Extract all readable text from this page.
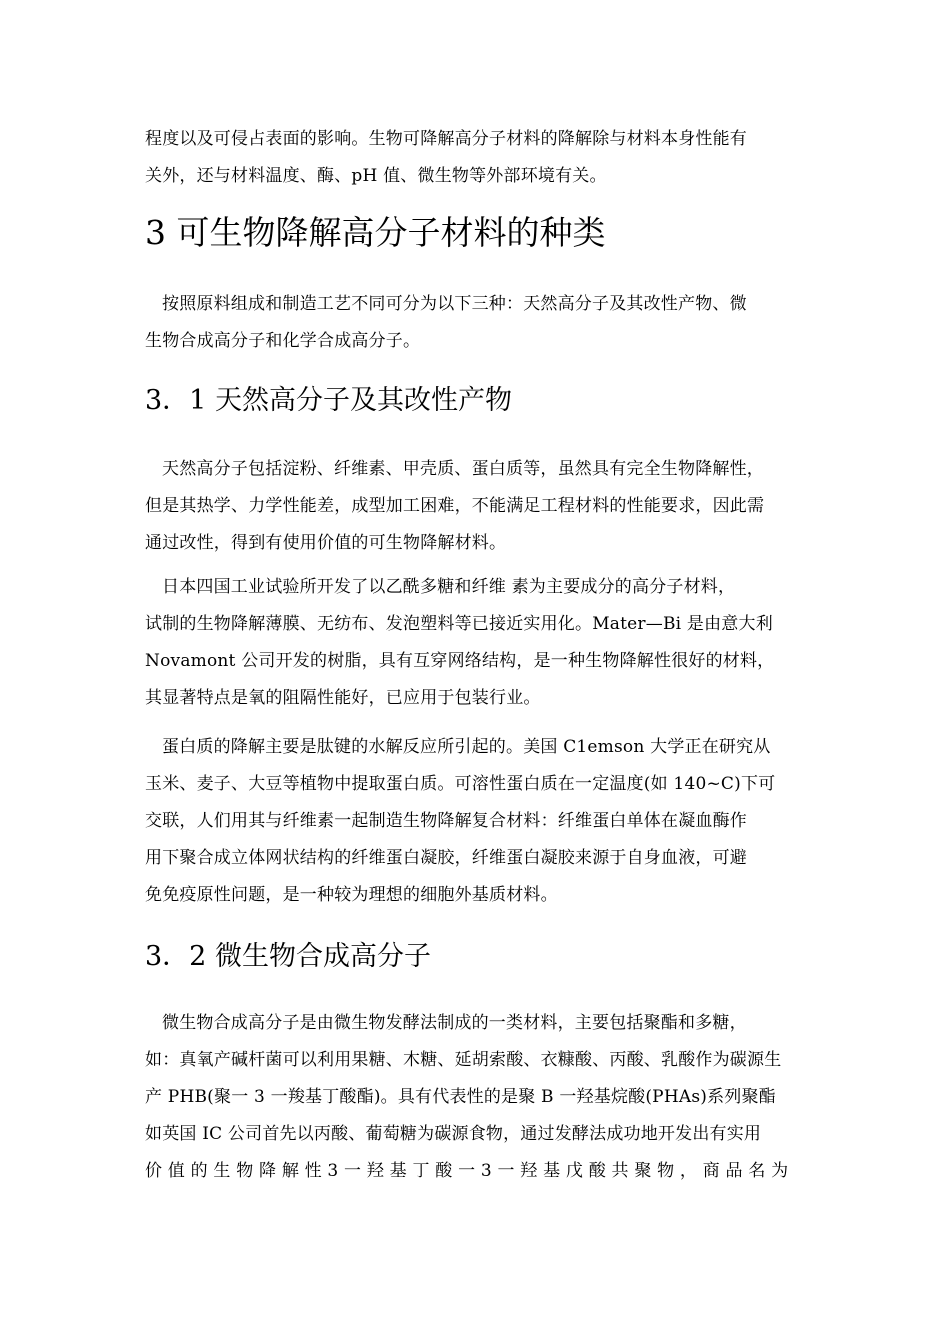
程度以及可侵占表面的影响。生物可降解高分子材料的降解除与材料本身性能有
关外，还与材料温度、酶、pH 值、微生物等外部环境有关。
3 可生物降解高分子材料的种类
按照原料组成和制造工艺不同可分为以下三种：天然高分子及其改性产物、微
生物合成高分子和化学合成高分子。
3．1 天然高分子及其改性产物
天然高分子包括淀粉、纤维素、甲壳质、蛋白质等，虽然具有完全生物降解性，
但是其热学、力学性能差，成型加工困难，不能满足工程材料的性能要求，因此需
通过改性，得到有使用价值的可生物降解材料。
日本四国工业试验所开发了以乙酰多糖和纤维 素为主要成分的高分子材料，
试制的生物降解薄膜、无纺布、发泡塑料等已接近实用化。Mater—Bi 是由意大利
Novamont 公司开发的树脂，具有互穿网络结构，是一种生物降解性很好的材料，
其显著特点是氧的阻隔性能好，已应用于包装行业。
蛋白质的降解主要是肽键的水解反应所引起的。美国 C1emson 大学正在研究从
玉米、麦子、大豆等植物中提取蛋白质。可溶性蛋白质在一定温度(如 140~C)下可
交联，人们用其与纤维素一起制造生物降解复合材料：纤维蛋白单体在凝血酶作
用下聚合成立体网状结构的纤维蛋白凝胶，纤维蛋白凝胶来源于自身血液，可避
免免疫原性问题，是一种较为理想的细胞外基质材料。
3．2 微生物合成高分子
微生物合成高分子是由微生物发酵法制成的一类材料，主要包括聚酯和多糖，
如：真氧产碱杆菌可以利用果糖、木糖、延胡索酸、衣糠酸、丙酸、乳酸作为碳源生
产 PHB(聚一 3 一羧基丁酸酯)。具有代表性的是聚 B 一羟基烷酸(PHAs)系列聚酯
如英国 IC 公司首先以丙酸、葡萄糖为碳源食物，通过发酵法成功地开发出有实用
价 值 的 生 物 降 解 性 3 一 羟 基 丁 酸 一 3 一 羟 基 戊 酸 共 聚 物 ， 商 品 名 为
